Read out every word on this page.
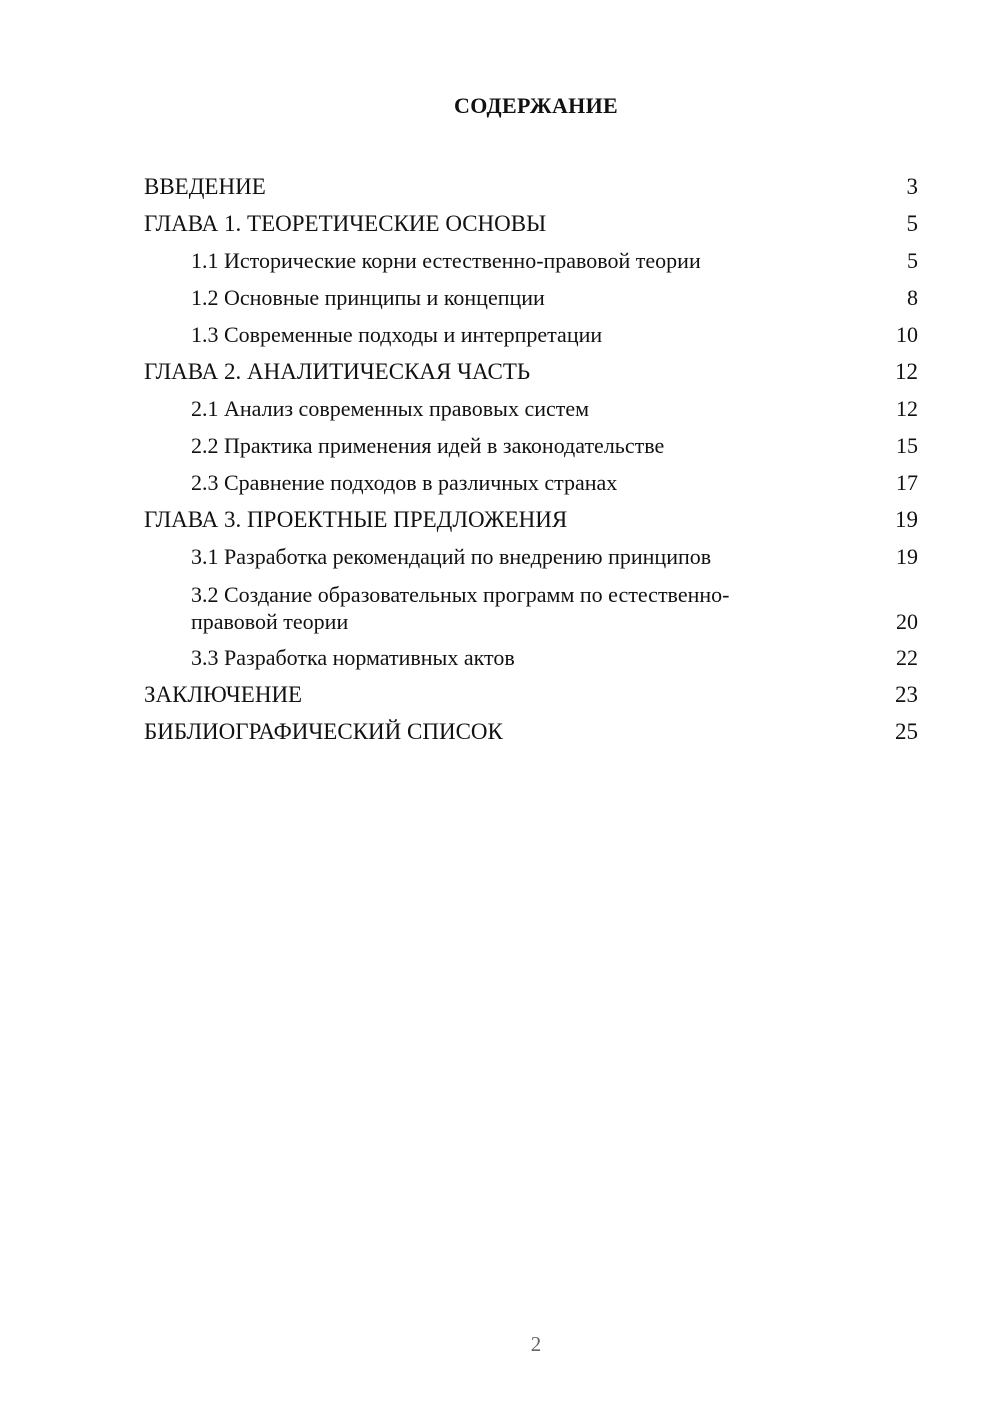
СОДЕРЖАНИЕ
ВВЕДЕНИЕ	3
ГЛАВА 1. ТЕОРЕТИЧЕСКИЕ ОСНОВЫ	5
1.1 Исторические корни естественно-правовой теории	5
1.2 Основные принципы и концепции	8
1.3 Современные подходы и интерпретации	10
ГЛАВА 2. АНАЛИТИЧЕСКАЯ ЧАСТЬ	12
2.1 Анализ современных правовых систем	12
2.2 Практика применения идей в законодательстве	15
2.3 Сравнение подходов в различных странах	17
ГЛАВА 3. ПРОЕКТНЫЕ ПРЕДЛОЖЕНИЯ	19
3.1 Разработка рекомендаций по внедрению принципов	19
3.2 Создание образовательных программ по естественно-правовой теории	20
3.3 Разработка нормативных актов	22
ЗАКЛЮЧЕНИЕ	23
БИБЛИОГРАФИЧЕСКИЙ СПИСОК	25
2
